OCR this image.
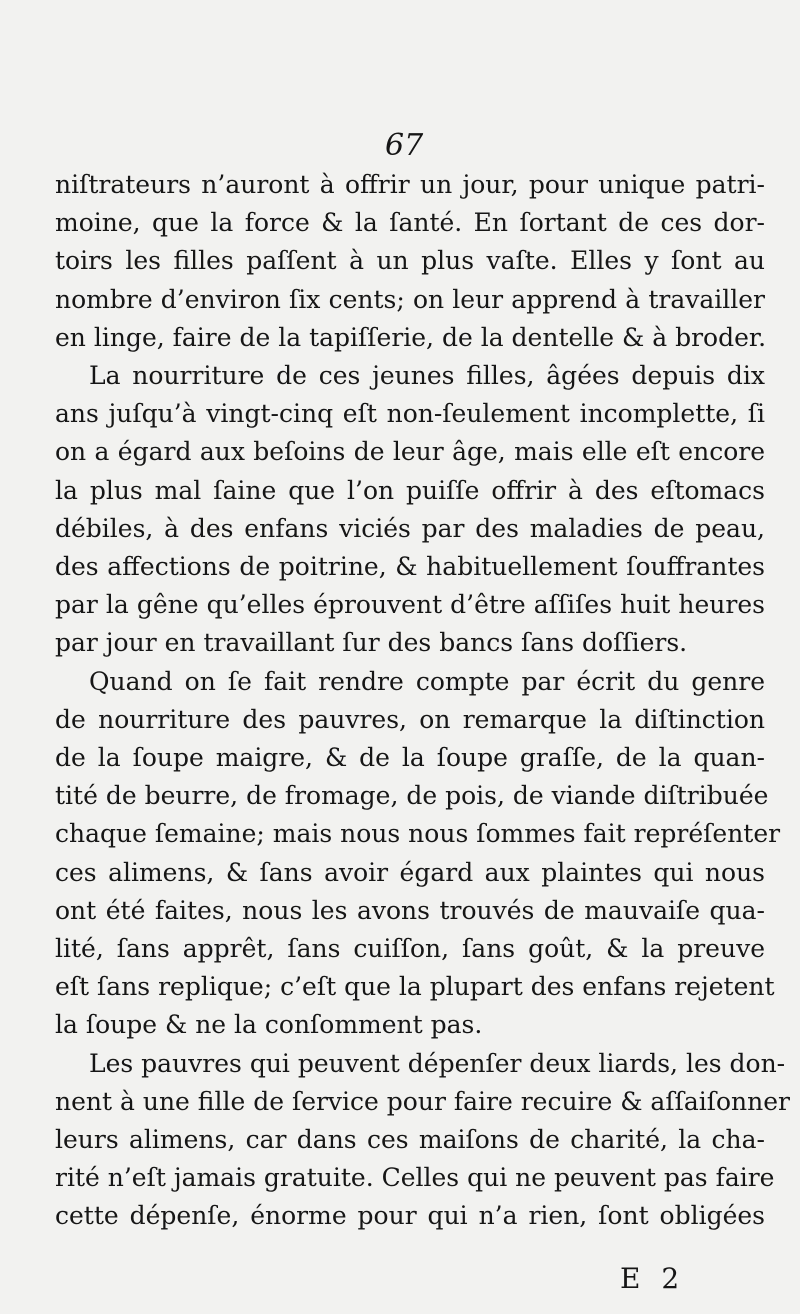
67
niſtrateurs n’auront à offrir un jour, pour unique patri-
moine, que la force & la ſanté. En ſortant de ces dor-
toirs les filles paſſent à un plus vaſte. Elles y ſont au
nombre d’environ ſix cents; on leur apprend à travailler
en linge, faire de la tapiſſerie, de la dentelle & à broder.
La nourriture de ces jeunes filles, âgées depuis dix
ans juſqu’à vingt-cinq eſt non-ſeulement incomplette, ſi
on a égard aux beſoins de leur âge, mais elle eſt encore
la plus mal ſaine que l’on puiſſe offrir à des eſtomacs
débiles, à des enfans viciés par des maladies de peau,
des affections de poitrine, & habituellement ſouffrantes
par la gêne qu’elles éprouvent d’être aſſiſes huit heures
par jour en travaillant ſur des bancs ſans doſſiers.
Quand on ſe fait rendre compte par écrit du genre
de nourriture des pauvres, on remarque la diſtinction
de la ſoupe maigre, & de la ſoupe graſſe, de la quan-
tité de beurre, de fromage, de pois, de viande diſtribuée
chaque ſemaine; mais nous nous ſommes fait repréſenter
ces alimens, & ſans avoir égard aux plaintes qui nous
ont été faites, nous les avons trouvés de mauvaiſe qua-
lité, ſans apprêt, ſans cuiſſon, ſans goût, & la preuve
eſt ſans replique; c’eſt que la plupart des enfans rejetent
la ſoupe & ne la conſomment pas.
Les pauvres qui peuvent dépenſer deux liards, les don-
nent à une fille de ſervice pour faire recuire & aſſaiſonner
leurs alimens, car dans ces maiſons de charité, la cha-
rité n’eſt jamais gratuite. Celles qui ne peuvent pas faire
cette dépenſe, énorme pour qui n’a rien, ſont obligées
E 2
